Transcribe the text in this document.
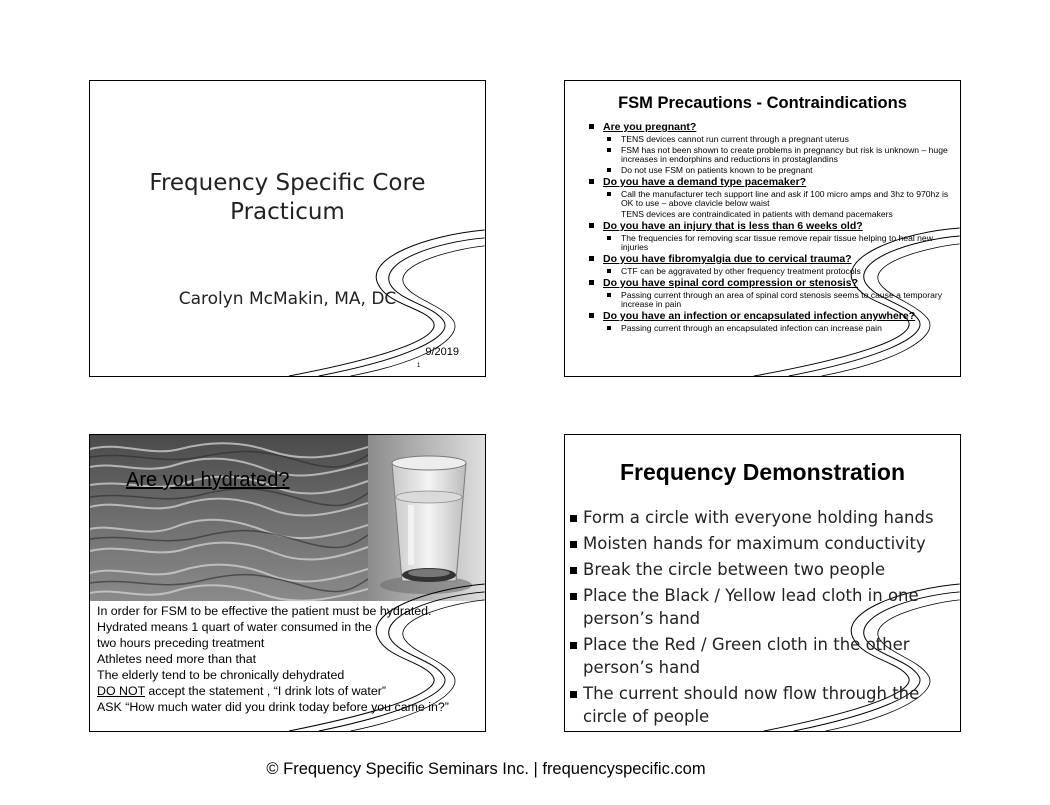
Frequency Specific Core
Practicum
Carolyn McMakin, MA, DC
9/2019
1
FSM Precautions - Contraindications
Are you pregnant?
TENS devices cannot run current through a pregnant uterus
FSM has not been shown to create problems in pregnancy but risk is unknown – huge increases in endorphins and reductions in prostaglandins
Do not use FSM on patients known to be pregnant
Do you have a demand type pacemaker?
Call the manufacturer tech support line and ask if 100 micro amps and 3hz to 970hz is OK to use – above clavicle below waist
TENS devices are contraindicated in patients with demand pacemakers
Do you have an injury that is less than 6 weeks old?
The frequencies for removing scar tissue remove repair tissue helping to heal new injuries
Do you have fibromyalgia due to cervical trauma?
CTF can be aggravated by other frequency treatment protocols
Do you have spinal cord compression or stenosis?
Passing current through an area of spinal cord stenosis seems to cause a temporary increase in pain
Do you have an infection or encapsulated infection anywhere?
Passing current through an encapsulated infection can increase pain
Are you hydrated?
In order for FSM to be effective the patient must be hydrated.
Hydrated means 1 quart of water consumed in the
two hours preceding treatment
Athletes need more than that
The elderly tend to be chronically dehydrated
DO NOT accept the statement , “I drink lots of water”
ASK “How much water did you drink today before you came in?”
Frequency Demonstration
Form a circle with everyone holding hands
Moisten hands for maximum conductivity
Break the circle between two people
Place the Black / Yellow lead cloth in one person’s hand
Place the Red / Green cloth in the other person’s hand
The current should now flow through the circle of people
© Frequency Specific Seminars Inc. | frequencyspecific.com
